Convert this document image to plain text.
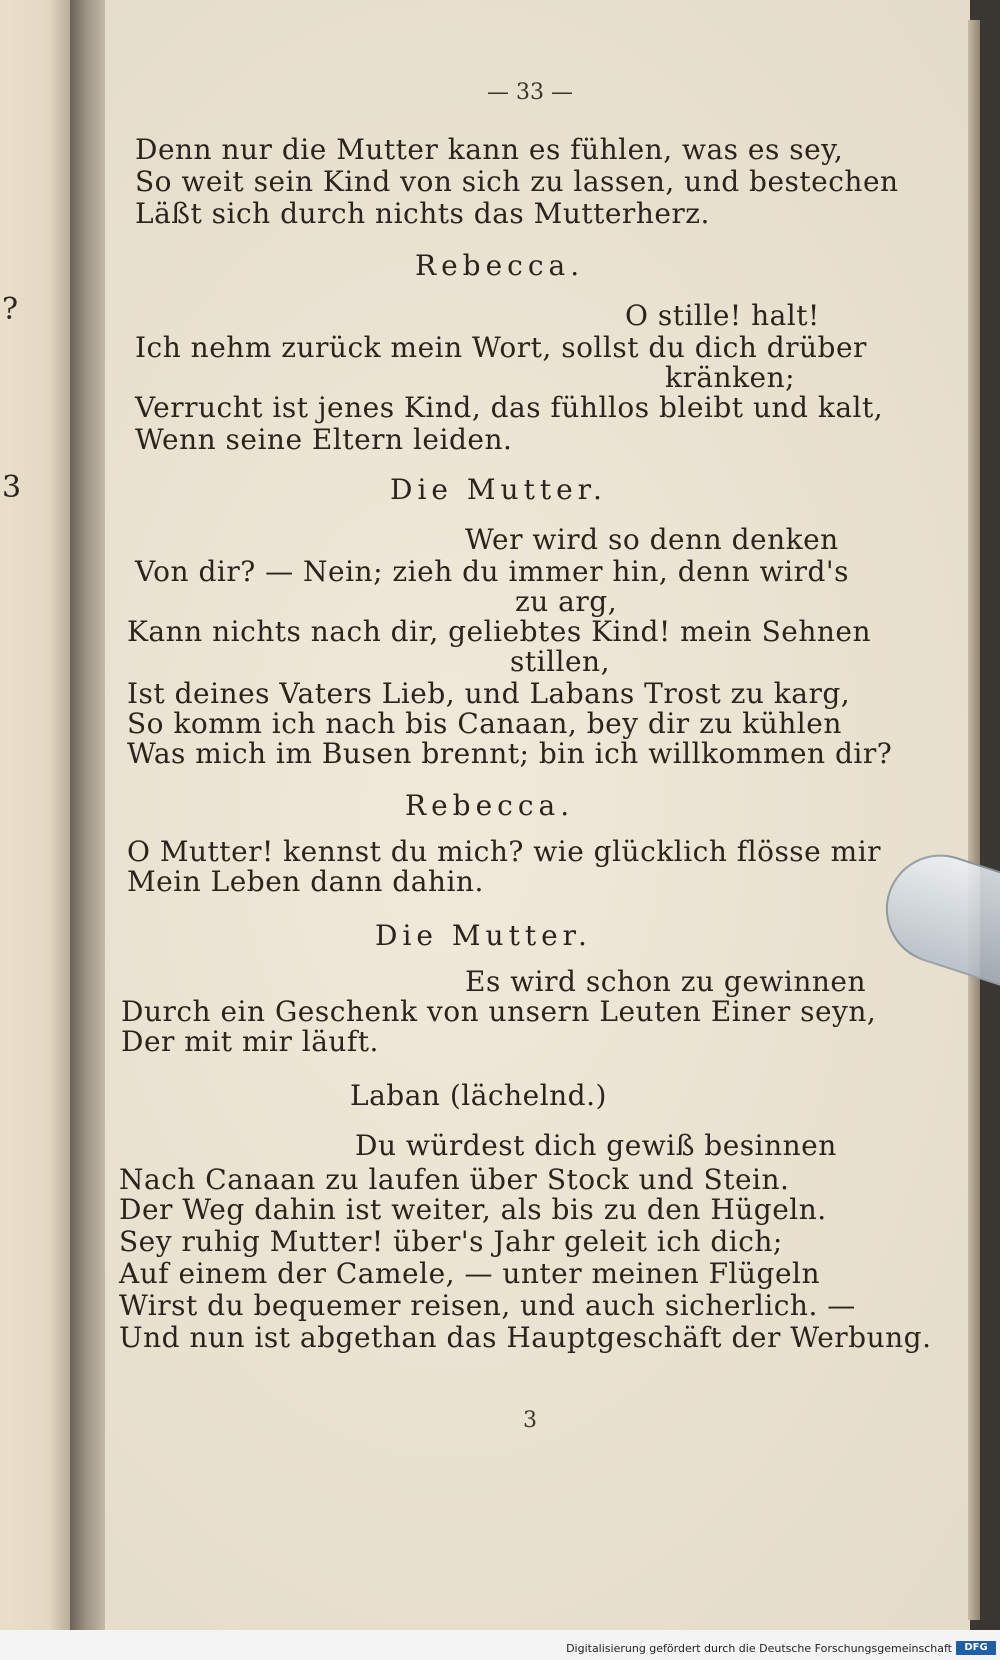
?
3
— 33 —
Denn nur die Mutter kann es fühlen, was es sey,
So weit sein Kind von sich zu lassen, und bestechen
Läßt sich durch nichts das Mutterherz.
Rebecca.
O stille! halt!
Ich nehm zurück mein Wort, sollst du dich drüber
kränken;
Verrucht ist jenes Kind, das fühllos bleibt und kalt,
Wenn seine Eltern leiden.
Die Mutter.
Wer wird so denn denken
Von dir? — Nein; zieh du immer hin, denn wird's
zu arg,
Kann nichts nach dir, geliebtes Kind! mein Sehnen
stillen,
Ist deines Vaters Lieb, und Labans Trost zu karg,
So komm ich nach bis Canaan, bey dir zu kühlen
Was mich im Busen brennt; bin ich willkommen dir?
Rebecca.
O Mutter! kennst du mich? wie glücklich flösse mir
Mein Leben dann dahin.
Die Mutter.
Es wird schon zu gewinnen
Durch ein Geschenk von unsern Leuten Einer seyn,
Der mit mir läuft.
Laban (lächelnd.)
Du würdest dich gewiß besinnen
Nach Canaan zu laufen über Stock und Stein.
Der Weg dahin ist weiter, als bis zu den Hügeln.
Sey ruhig Mutter! über's Jahr geleit ich dich;
Auf einem der Camele, — unter meinen Flügeln
Wirst du bequemer reisen, und auch sicherlich. —
Und nun ist abgethan das Hauptgeschäft der Werbung.
3
Digitalisierung gefördert durch die Deutsche Forschungsgemeinschaft	DFG
